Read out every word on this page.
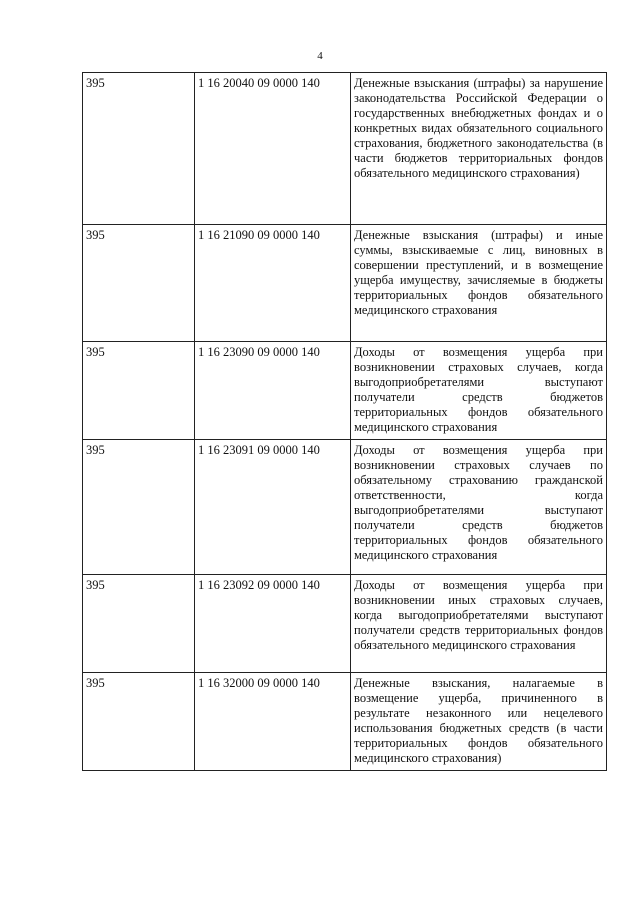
4
395	1 16 20040 09 0000 140	Денежные взыскания (штрафы) за нарушение законодательства Российской Федерации о государственных внебюджетных фондах и о конкретных видах обязательного социального страхования, бюджетного законодательства (в части бюджетов территориальных фондов обязательного медицинского страхования)
395	1 16 21090 09 0000 140	Денежные взыскания (штрафы) и иные суммы, взыскиваемые с лиц, виновных в совершении преступлений, и в возмещение ущерба имуществу, зачисляемые в бюджеты территориальных фондов обязательного медицинского страхования
395	1 16 23090 09 0000 140	Доходы от возмещения ущерба при возникновении страховых случаев, когда выгодоприобретателями выступают получатели средств бюджетов территориальных фондов обязательного медицинского страхования
395	1 16 23091 09 0000 140	Доходы от возмещения ущерба при возникновении страховых случаев по обязательному страхованию гражданской ответственности, когда выгодоприобретателями выступают получатели средств бюджетов территориальных фондов обязательного медицинского страхования
395	1 16 23092 09 0000 140	Доходы от возмещения ущерба при возникновении иных страховых случаев, когда выгодоприобретателями выступают получатели средств территориальных фондов обязательного медицинского страхования
395	1 16 32000 09 0000 140	Денежные взыскания, налагаемые в возмещение ущерба, причиненного в результате незаконного или нецелевого использования бюджетных средств (в части территориальных фондов обязательного медицинского страхования)
